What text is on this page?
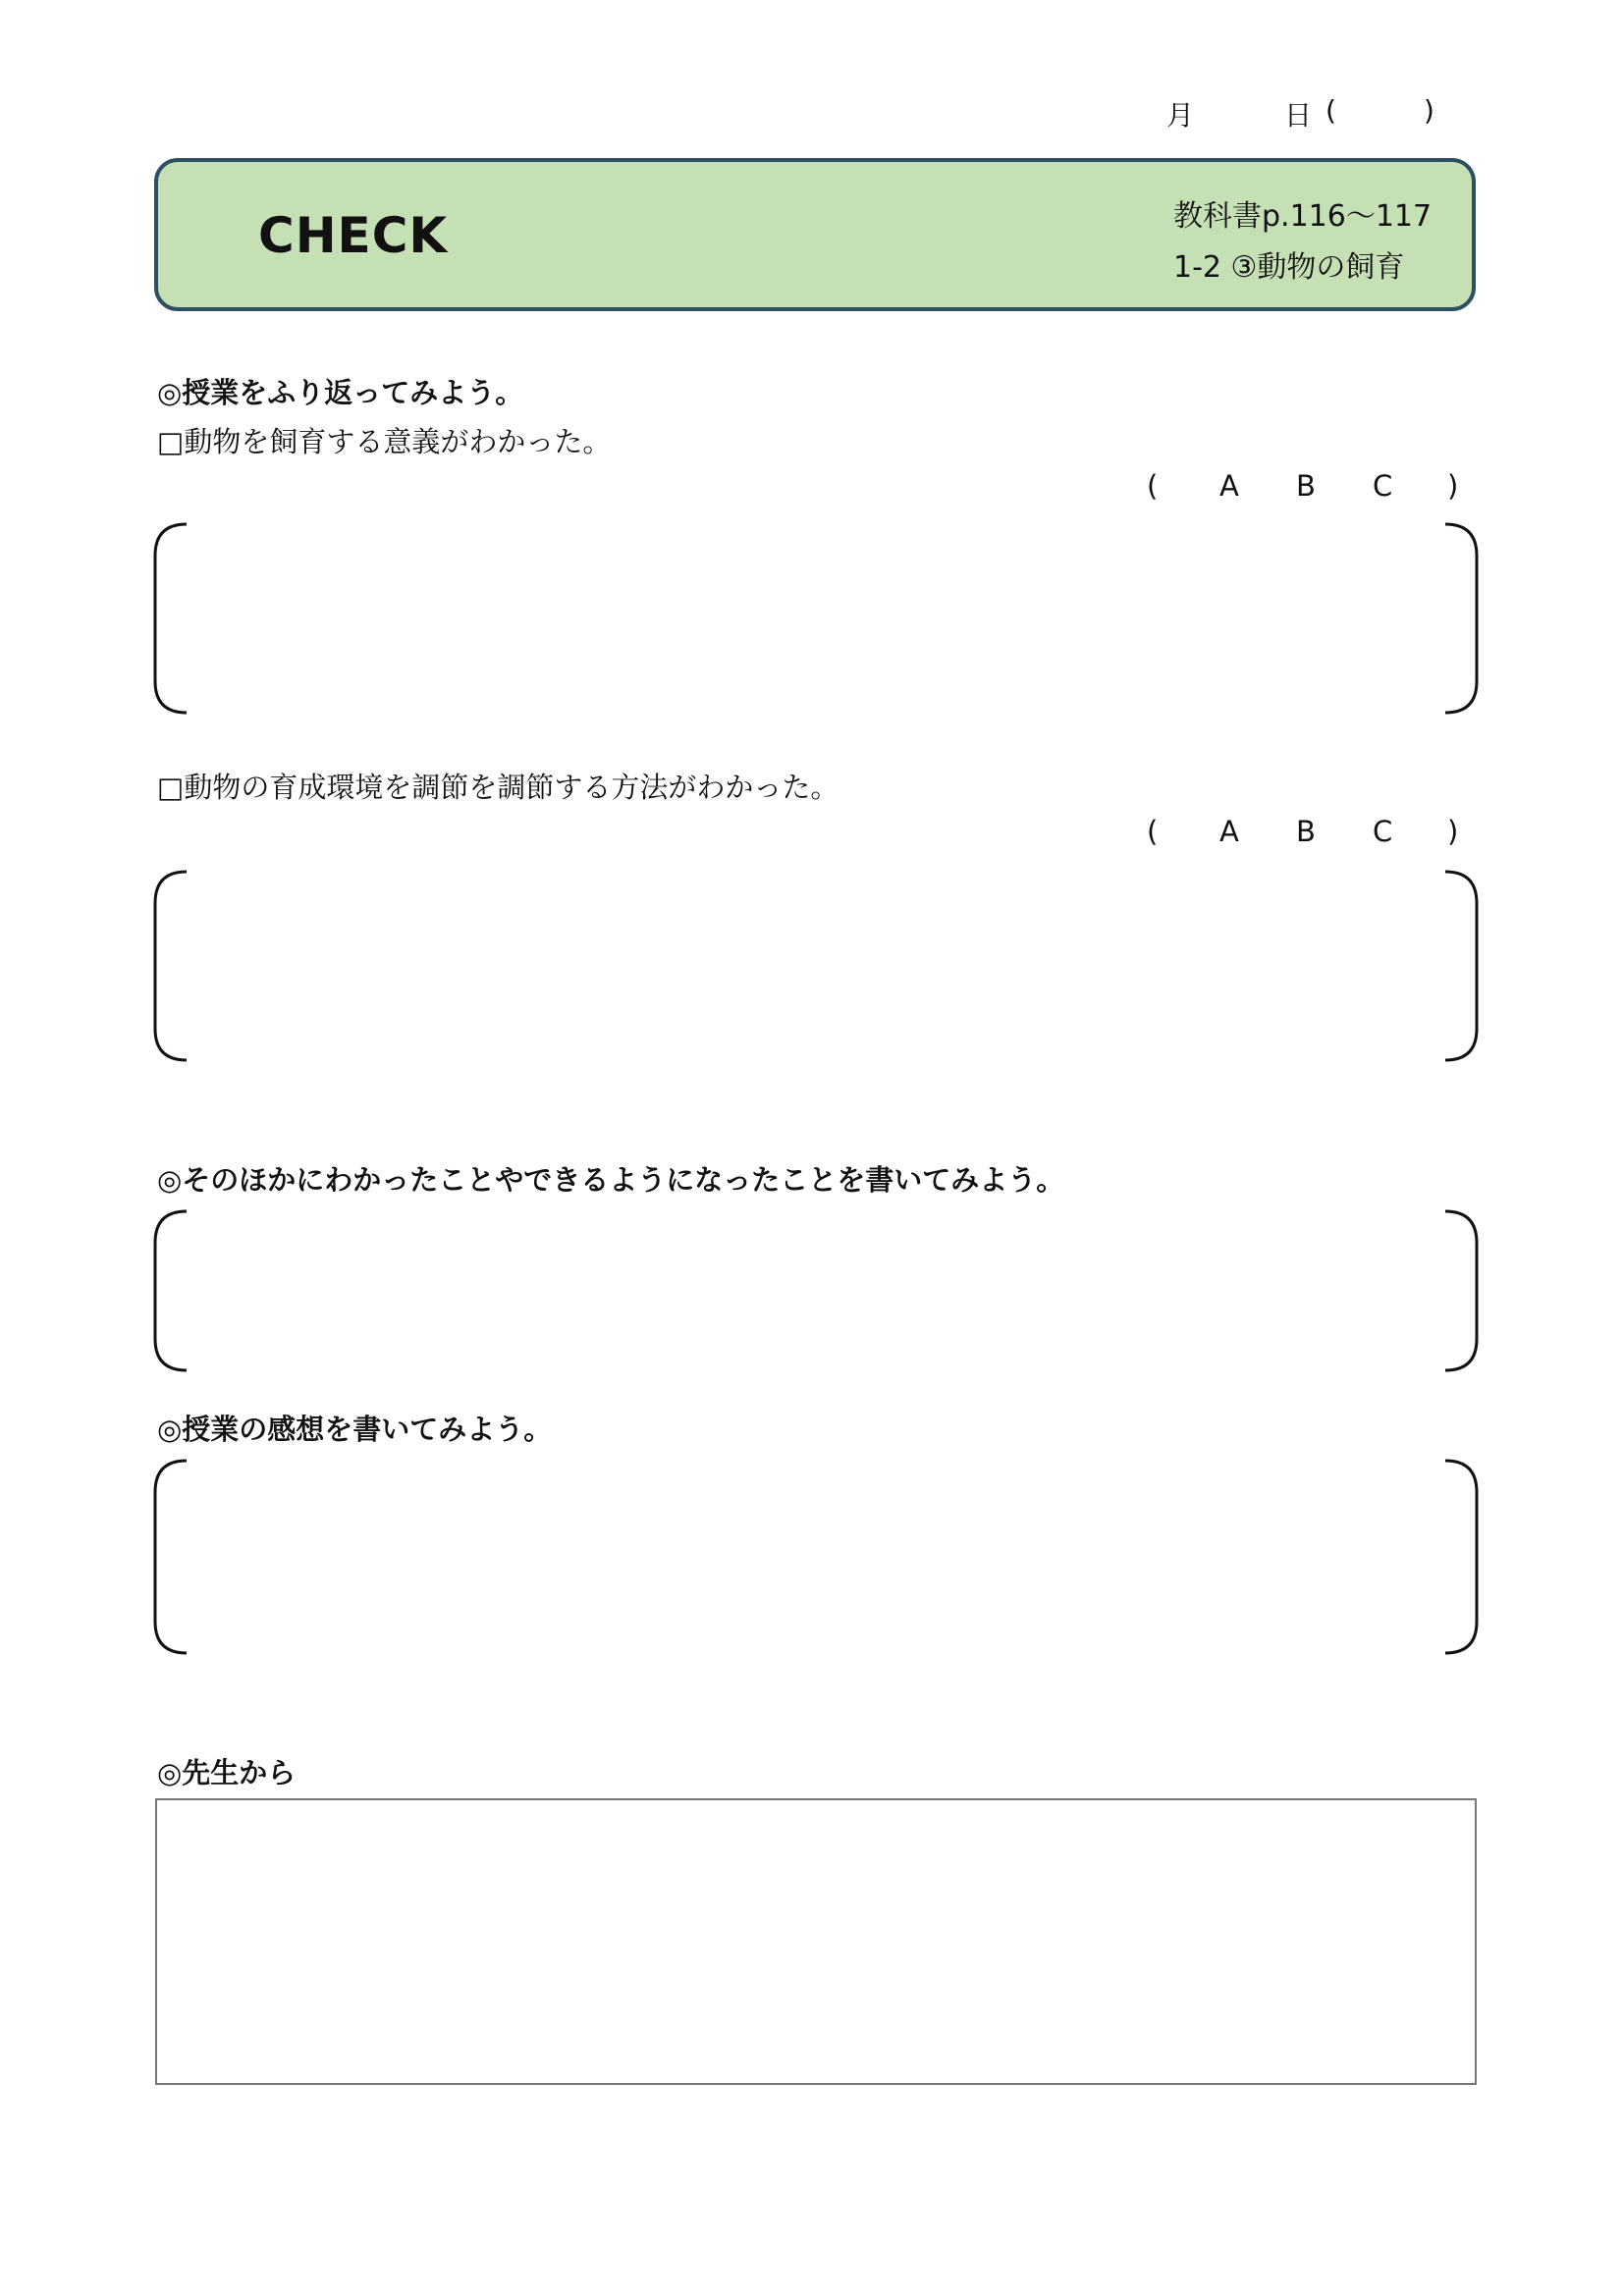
月	日 (	)
CHECK	教科書p.116～117
1-2 ③動物の飼育
◎授業をふり返ってみよう。
□動物を飼育する意義がわかった。
( A B C )
□動物の育成環境を調節を調節する方法がわかった。
( A B C )
◎そのほかにわかったことやできるようになったことを書いてみよう。
◎授業の感想を書いてみよう。
◎先生から
